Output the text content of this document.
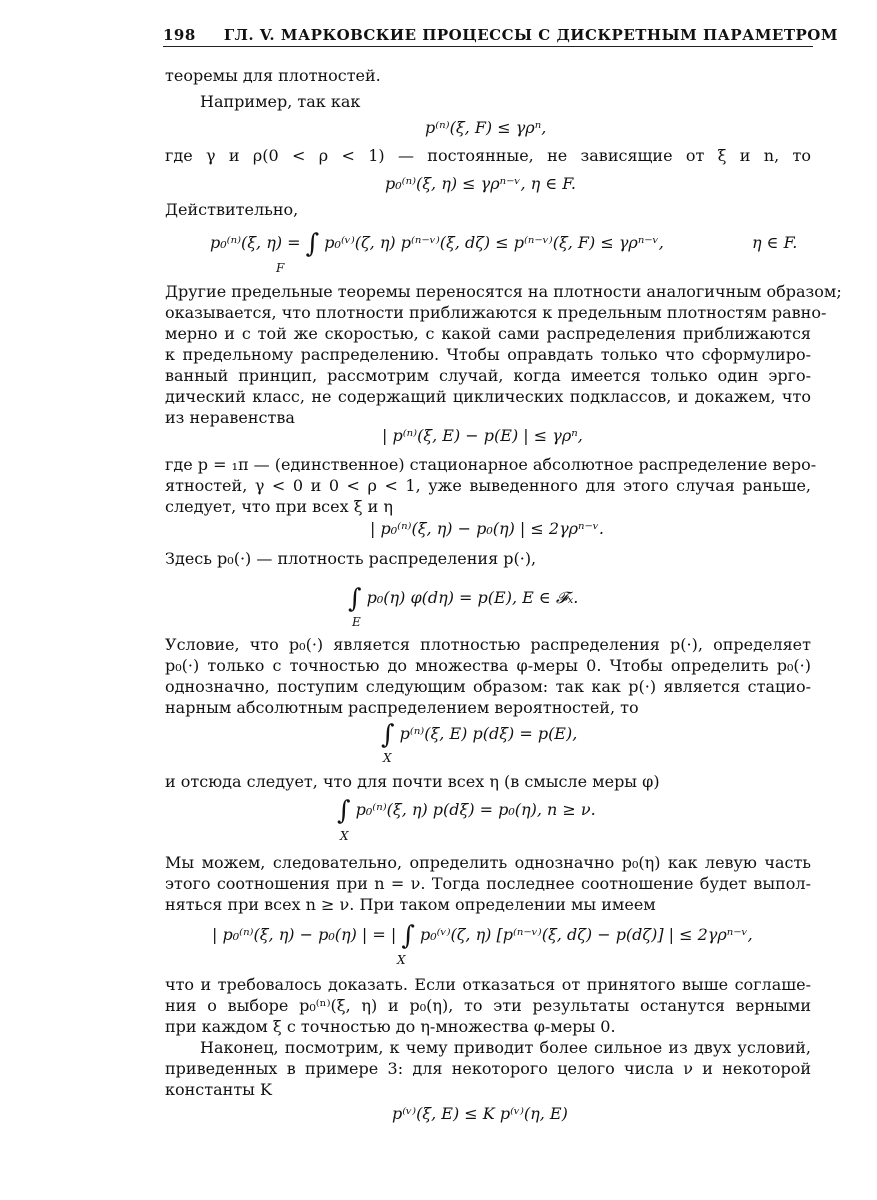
198 ГЛ. V. МАРКОВСКИЕ ПРОЦЕССЫ С ДИСКРЕТНЫМ ПАРАМЕТРОМ
теоремы для плотностей.
Например, так как
p⁽ⁿ⁾(ξ, F) ≤ γρⁿ,
где γ и ρ(0 < ρ < 1) — постоянные, не зависящие от ξ и n, то
p₀⁽ⁿ⁾(ξ, η) ≤ γρⁿ⁻ᵛ, η ∈ F.
Действительно,
p₀⁽ⁿ⁾(ξ, η) = ∫ p₀⁽ᵛ⁾(ζ, η) p⁽ⁿ⁻ᵛ⁾(ξ, dζ) ≤ p⁽ⁿ⁻ᵛ⁾(ξ, F) ≤ γρⁿ⁻ᵛ,
F
η ∈ F.
Другие предельные теоремы переносятся на плотности аналогичным образом;
оказывается, что плотности приближаются к предельным плотностям равно-
мерно и с той же скоростью, с какой сами распределения приближаются
к предельному распределению. Чтобы оправдать только что сформулиро-
ванный принцип, рассмотрим случай, когда имеется только один эрго-
дический класс, не содержащий циклических подклассов, и докажем, что
из неравенства
| p⁽ⁿ⁾(ξ, E) − p(E) | ≤ γρⁿ,
где p = ₁π — (единственное) стационарное абсолютное распределение веро-
ятностей, γ < 0 и 0 < ρ < 1, уже выведенного для этого случая раньше,
следует, что при всех ξ и η
| p₀⁽ⁿ⁾(ξ, η) − p₀(η) | ≤ 2γρⁿ⁻ᵛ.
Здесь p₀(·) — плотность распределения p(·),
∫ p₀(η) φ(dη) = p(E), E ∈ 𝓕ₓ.
E
Условие, что p₀(·) является плотностью распределения p(·), определяет
p₀(·) только с точностью до множества φ-меры 0. Чтобы определить p₀(·)
однозначно, поступим следующим образом: так как p(·) является стацио-
нарным абсолютным распределением вероятностей, то
∫ p⁽ⁿ⁾(ξ, E) p(dξ) = p(E),
X
и отсюда следует, что для почти всех η (в смысле меры φ)
∫ p₀⁽ⁿ⁾(ξ, η) p(dξ) = p₀(η), n ≥ ν.
X
Мы можем, следовательно, определить однозначно p₀(η) как левую часть
этого соотношения при n = ν. Тогда последнее соотношение будет выпол-
няться при всех n ≥ ν. При таком определении мы имеем
| p₀⁽ⁿ⁾(ξ, η) − p₀(η) | = | ∫ p₀⁽ᵛ⁾(ζ, η) [p⁽ⁿ⁻ᵛ⁾(ξ, dζ) − p(dζ)] | ≤ 2γρⁿ⁻ᵛ,
X
что и требовалось доказать. Если отказаться от принятого выше соглаше-
ния о выборе p₀⁽ⁿ⁾(ξ, η) и p₀(η), то эти результаты останутся верными
при каждом ξ с точностью до η-множества φ-меры 0.
Наконец, посмотрим, к чему приводит более сильное из двух условий,
приведенных в примере 3: для некоторого целого числа ν и некоторой
константы K
p⁽ᵛ⁾(ξ, E) ≤ K p⁽ᵛ⁾(η, E)
